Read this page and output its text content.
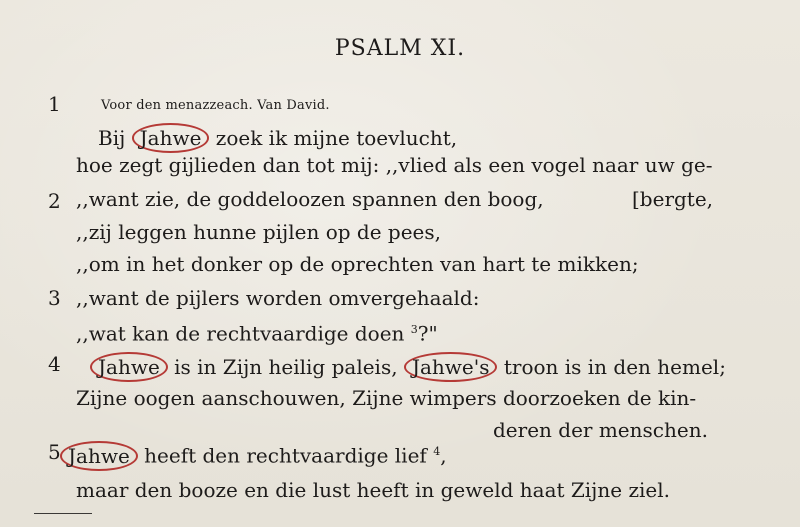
PSALM XI.
1
2
3
4
5
Voor den menazzeach. Van David.
Bij Jahwe zoek ik mijne toevlucht,
hoe zegt gijlieden dan tot mij: ,,vlied als een vogel naar uw ge-
,,want zie, de goddeloozen spannen den boog,	[bergte,
,,zij leggen hunne pijlen op de pees,
,,om in het donker op de oprechten van hart te mikken;
,,want de pijlers worden omvergehaald:
,,wat kan de rechtvaardige doen $^3$?"
Jahwe is in Zijn heilig paleis, Jahwe's troon is in den hemel;
Zijne oogen aanschouwen, Zijne wimpers doorzoeken de kin-
deren der menschen.
Jahwe heeft den rechtvaardige lief $^4$,
maar den booze en die lust heeft in geweld haat Zijne ziel.
